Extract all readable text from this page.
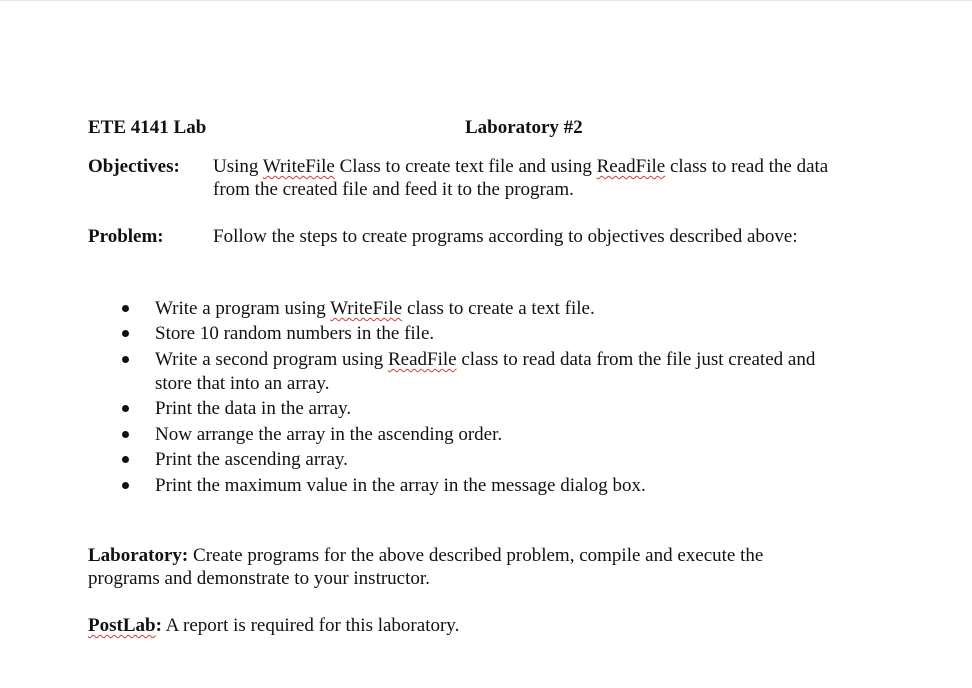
ETE 4141 Lab	Laboratory #2
Objectives: Using WriteFile Class to create text file and using ReadFile class to read the data
from the created file and feed it to the program.
Problem:	Follow the steps to create programs according to objectives described above:
Write a program using WriteFile class to create a text file.
Store 10 random numbers in the file.
Write a second program using ReadFile class to read data from the file just created and
store that into an array.
Print the data in the array.
Now arrange the array in the ascending order.
Print the ascending array.
Print the maximum value in the array in the message dialog box.
Laboratory: Create programs for the above described problem, compile and execute the
programs and demonstrate to your instructor.
PostLab: A report is required for this laboratory.
